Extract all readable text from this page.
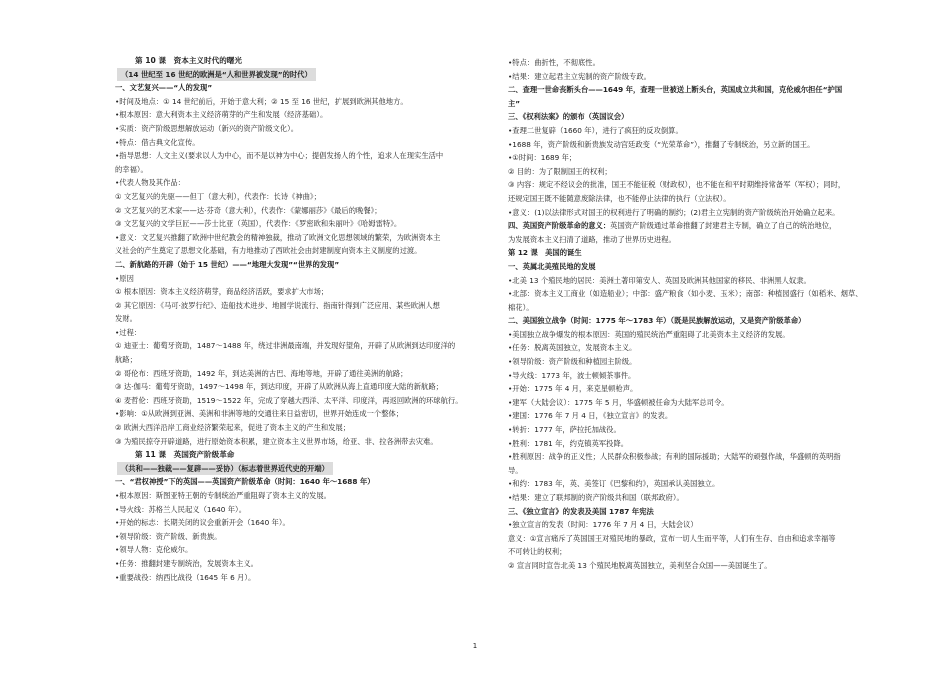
第 10 课　资本主义时代的曙光
（14 世纪至 16 世纪的欧洲是“人和世界被发现”的时代）
一、文艺复兴——“人的发现”
•时间及地点：① 14 世纪前后，开始于意大利；② 15 至 16 世纪，扩展到欧洲其他地方。
•根本原因：意大利资本主义经济萌芽的产生和发展（经济基础）。
•实质：资产阶级思想解放运动（新兴的资产阶级文化）。
•特点：借古典文化宣传。
•指导思想：人文主义(要求以人为中心，而不是以神为中心；提倡发扬人的个性，追求人在现实生活中
的幸福）。
•代表人物及其作品：
① 文艺复兴的先驱——但丁（意大利），代表作：长诗《神曲》；
② 文艺复兴的艺术家——达·芬奇（意大利），代表作：《蒙娜丽莎》《最后的晚餐》；
③ 文艺复兴的文学巨匠——莎士比亚（英国），代表作：《罗密欧和朱丽叶》《哈姆雷特》。
•意义：文艺复兴推翻了欧洲中世纪教会的精神独裁，推动了欧洲文化思想领域的繁荣，为欧洲资本主
义社会的产生奠定了思想文化基础，有力地推动了西欧社会由封建制度向资本主义制度的过渡。
二、新航路的开辟（始于 15 世纪）——“地理大发现”“世界的发现”
•原因
① 根本原因：资本主义经济萌芽，商品经济活跃，要求扩大市场；
② 其它原因：《马可·波罗行纪》、造船技术进步、地圆学说流行、指南针得到广泛应用、某些欧洲人想
发财。
•过程：
① 迪亚士：葡萄牙资助，1487～1488 年，绕过非洲最南端，并发现好望角，开辟了从欧洲到达印度洋的
航路；
② 哥伦布：西班牙资助，1492 年，到达美洲的古巴、海地等地，开辟了通往美洲的航路；
③ 达·伽马：葡萄牙资助，1497～1498 年，到达印度，开辟了从欧洲从海上直通印度大陆的新航路；
④ 麦哲伦：西班牙资助，1519～1522 年，完成了穿越大西洋、太平洋、印度洋，再返回欧洲的环球航行。
•影响：①从欧洲到亚洲、美洲和非洲等地的交通往来日益密切，世界开始连成一个整体；
② 欧洲大西洋沿岸工商业经济繁荣起来，促进了资本主义的产生和发展；
③ 为殖民掠夺开辟道路，进行原始资本积累，建立资本主义世界市场，给亚、非、拉各洲带去灾难。
第 11 课　英国资产阶级革命
（共和——独裁——复辟——妥协）（标志着世界近代史的开端）
一、“君权神授”下的英国——英国资产阶级革命（时间：1640 年～1688 年）
•根本原因：斯图亚特王朝的专制统治严重阻碍了资本主义的发展。
•导火线：苏格兰人民起义（1640 年）。
•开始的标志：长期关闭的议会重新开会（1640 年）。
•领导阶级：资产阶级、新贵族。
•领导人物：克伦威尔。
•任务：推翻封建专制统治，发展资本主义。
•重要战役：纳西比战役（1645 年 6 月）。
•特点：曲折性，不彻底性。
•结果：建立起君主立宪制的资产阶级专政。
二、查理一世命丧断头台——1649 年，查理一世被送上断头台，英国成立共和国，克伦威尔担任“护国
主”
三、《权利法案》的颁布（英国议会）
•查理二世复辟（1660 年），进行了疯狂的反攻倒算。
•1688 年，资产阶级和新贵族发动宫廷政变（“光荣革命”），推翻了专制统治，另立新的国王。
•①时间：1689 年；
② 目的：为了限制国王的权利；
③ 内容：规定不经议会的批准，国王不能征税（财政权），也不能在和平时期维持常备军（军权）；同时，
还规定国王既不能随意废除法律，也不能停止法律的执行（立法权）。
•意义：(1)以法律形式对国王的权利进行了明确的制约；(2)君主立宪制的资产阶级统治开始确立起来。
四、英国资产阶级革命的意义：英国资产阶级通过革命推翻了封建君主专制，确立了自己的统治地位，
为发展资本主义扫清了道路，推动了世界历史进程。
第 12 课　美国的诞生
一、英属北美殖民地的发展
•北美 13 个殖民地的居民：美洲土著印第安人、英国及欧洲其他国家的移民、非洲黑人奴隶。
•北部：资本主义工商业（如造船业）；中部：盛产粮食（如小麦、玉米）；南部：种植园盛行（如稻米、烟草、
棉花）。
二、美国独立战争（时间：1775 年～1783 年）（既是民族解放运动，又是资产阶级革命）
•美国独立战争爆发的根本原因：英国的殖民统治严重阻碍了北美资本主义经济的发展。
•任务：脱离英国独立，发展资本主义。
•领导阶级：资产阶级和种植园主阶级。
•导火线：1773 年，波士顿倾茶事件。
•开始：1775 年 4 月，来克星顿枪声。
•建军（大陆会议）：1775 年 5 月，华盛顿被任命为大陆军总司令。
•建国：1776 年 7 月 4 日，《独立宣言》的发表。
•转折：1777 年，萨拉托加战役。
•胜利：1781 年，约克镇英军投降。
•胜利原因：战争的正义性；人民群众积极参战；有利的国际援助；大陆军的顽强作战，华盛顿的英明指
导。
•和约：1783 年，英、美签订《巴黎和约》，英国承认美国独立。
•结果：建立了联邦制的资产阶级共和国（联邦政府）。
三、《独立宣言》的发表及美国 1787 年宪法
•独立宣言的发表（时间：1776 年 7 月 4 日，大陆会议）
意义：①宣言痛斥了英国国王对殖民地的暴政，宣布一切人生而平等，人们有生存、自由和追求幸福等
不可转让的权利；
② 宣言同时宣告北美 13 个殖民地脱离英国独立，美利坚合众国——美国诞生了。
1
